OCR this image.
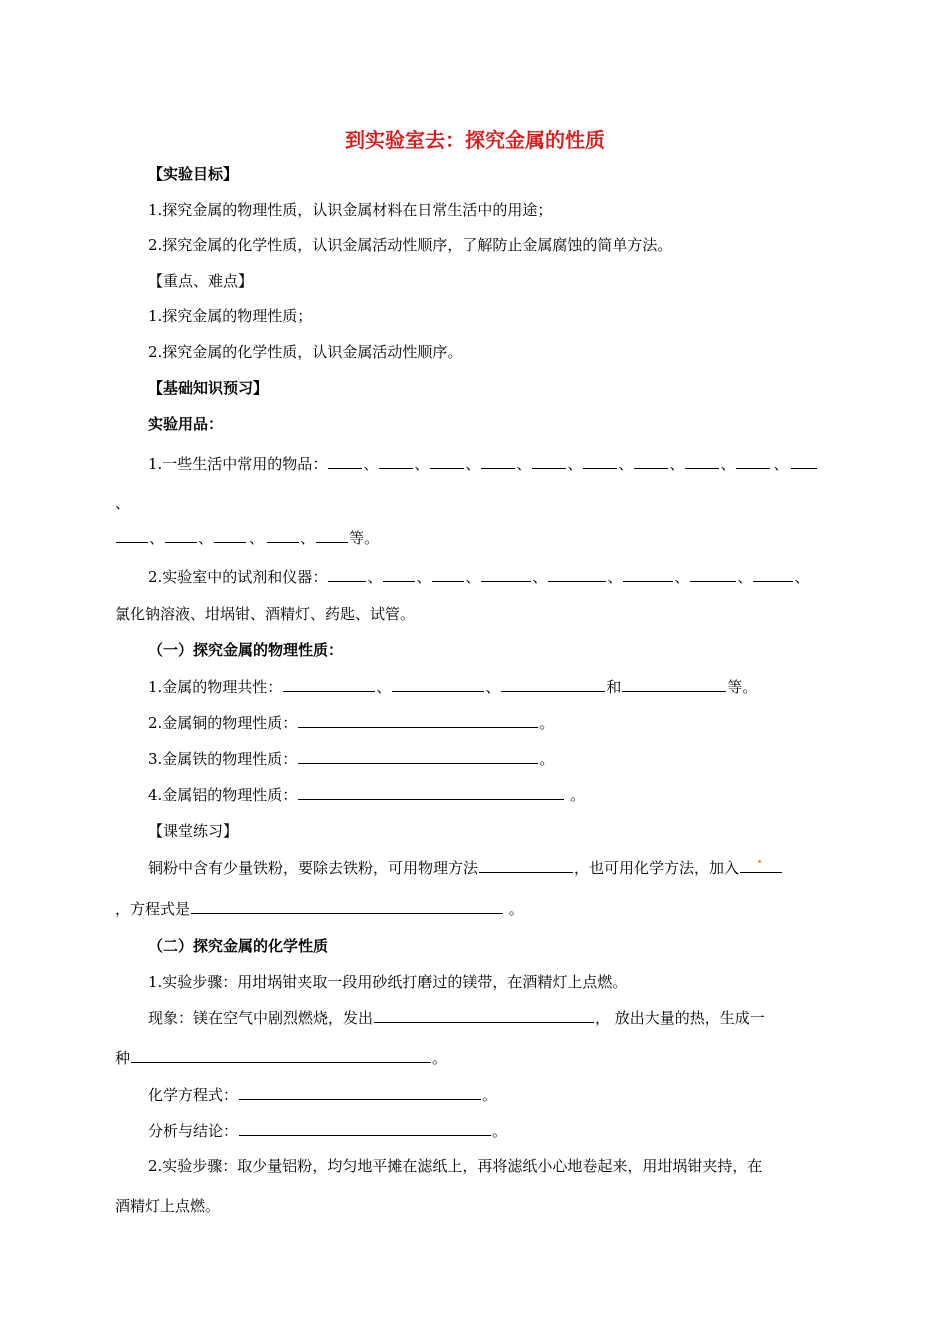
到实验室去：探究金属的性质
【实验目标】
1.探究金属的物理性质，认识金属材料在日常生活中的用途；
2.探究金属的化学性质，认识金属活动性顺序，了解防止金属腐蚀的简单方法。
【重点、难点】
1.探究金属的物理性质；
2.探究金属的化学性质，认识金属活动性顺序。
【基础知识预习】
实验用品：
1.一些生活中常用的物品： 、 、 、 、 、 、 、 、	、
、
、 、 、 、 等。
2.实验室中的试剂和仪器：	、 、 、	、	、	、	、	、
氯化钠溶液、坩埚钳、酒精灯、药匙、试管。
（一）探究金属的物理性质：
1.金属的物理共性：	、	、	和	等。
2.金属铜的物理性质：	。
3.金属铁的物理性质：	。
4.金属铝的物理性质：	。
【课堂练习】
铜粉中含有少量铁粉，要除去铁粉，可用物理方法	，也可用化学方法，加入
，方程式是	。
（二）探究金属的化学性质
1.实验步骤：用坩埚钳夹取一段用砂纸打磨过的镁带，在酒精灯上点燃。
现象：镁在空气中剧烈燃烧，发出	， 放出大量的热，生成一
种	。
化学方程式：	。
分析与结论：	。
2.实验步骤：取少量铝粉，均匀地平摊在滤纸上，再将滤纸小心地卷起来，用坩埚钳夹持，在
酒精灯上点燃。
